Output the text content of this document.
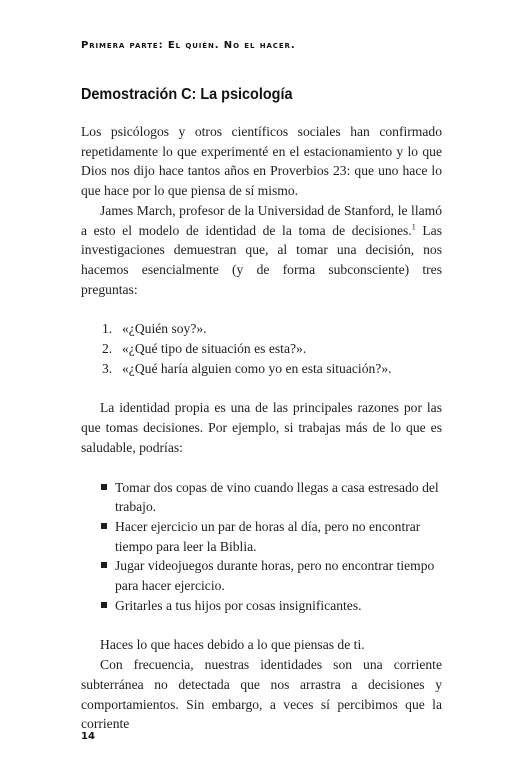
Primera parte: El quién. No el hacer.
Demostración C: La psicología

Los psicólogos y otros científicos sociales han confirmado repetidamente lo que experimenté en el estacionamiento y lo que Dios nos dijo hace tantos años en Proverbios 23: que uno hace lo que hace por lo que piensa de sí mismo.

James March, profesor de la Universidad de Stanford, le llamó a esto el modelo de identidad de la toma de decisiones.$^1$ Las investigaciones demuestran que, al tomar una decisión, nos hacemos esencialmente (y de forma subconsciente) tres preguntas:

1. «¿Quién soy?».
2. «¿Qué tipo de situación es esta?».
3. «¿Qué haría alguien como yo en esta situación?».

La identidad propia es una de las principales razones por las que tomas decisiones. Por ejemplo, si trabajas más de lo que es saludable, podrías:

Tomar dos copas de vino cuando llegas a casa estresado del trabajo.
Hacer ejercicio un par de horas al día, pero no encontrar tiempo para leer la Biblia.
Jugar videojuegos durante horas, pero no encontrar tiempo para hacer ejercicio.
Gritarles a tus hijos por cosas insignificantes.

Haces lo que haces debido a lo que piensas de ti.

Con frecuencia, nuestras identidades son una corriente subterránea no detectada que nos arrastra a decisiones y comportamientos. Sin embargo, a veces sí percibimos que la corriente

14
